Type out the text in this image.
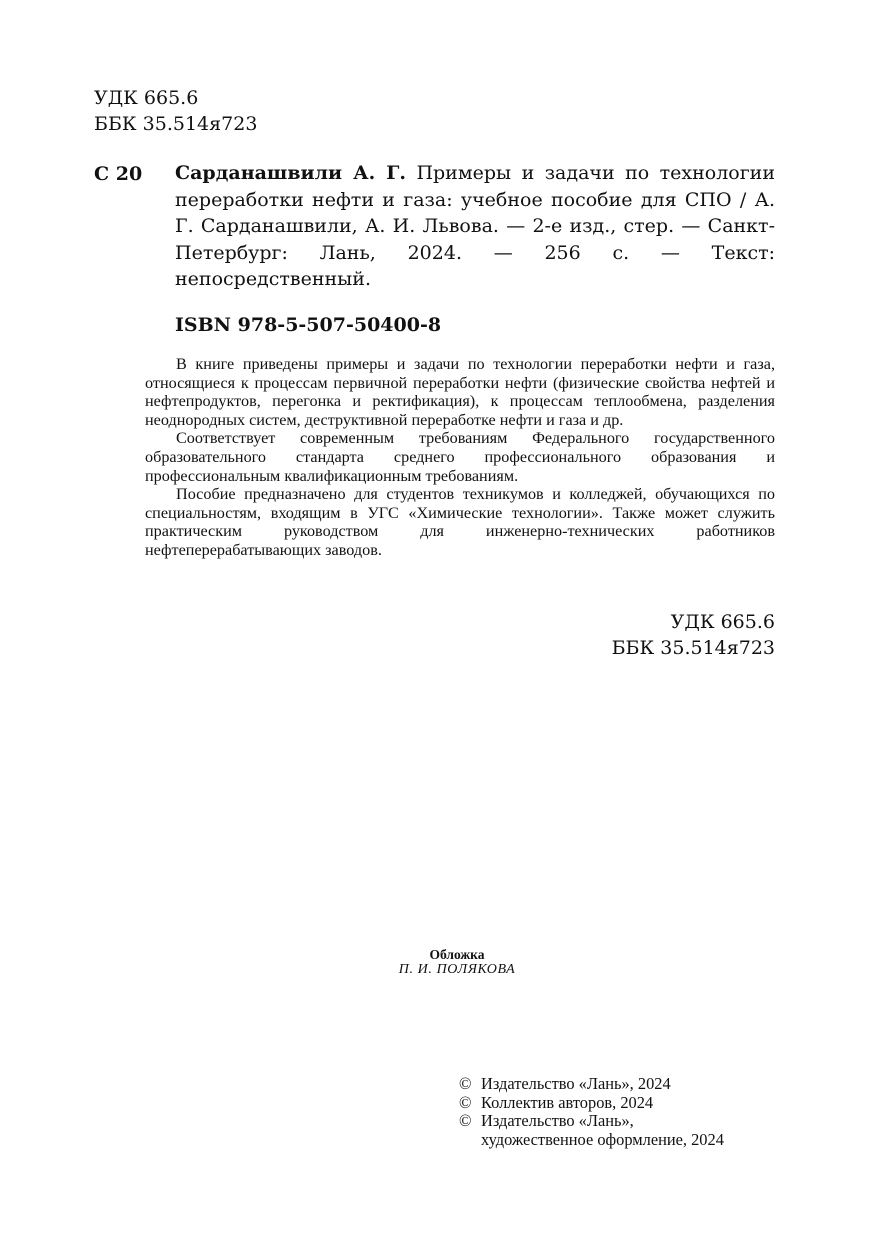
УДК 665.6
ББК 35.514я723
С 20 Сарданашвили А. Г. Примеры и задачи по технологии переработки нефти и газа: учебное пособие для СПО / А. Г. Сарданашвили, А. И. Львова. — 2-е изд., стер. — Санкт-Петербург: Лань, 2024. — 256 с. — Текст: непосредственный.
ISBN 978-5-507-50400-8

В книге приведены примеры и задачи по технологии переработки нефти и газа, относящиеся к процессам первичной переработки нефти (физические свойства нефтей и нефтепродуктов, перегонка и ректификация), к процессам теплообмена, разделения неоднородных систем, деструктивной переработке нефти и газа и др.

Соответствует современным требованиям Федерального государственного образовательного стандарта среднего профессионального образования и профессиональным квалификационным требованиям.

Пособие предназначено для студентов техникумов и колледжей, обучающихся по специальностям, входящим в УГС «Химические технологии». Также может служить практическим руководством для инженерно-технических работников нефтеперерабатывающих заводов.

УДК 665.6
ББК 35.514я723
Обложка
П. И. ПОЛЯКОВА
© Издательство «Лань», 2024
© Коллектив авторов, 2024
© Издательство «Лань»,
художественное оформление, 2024
